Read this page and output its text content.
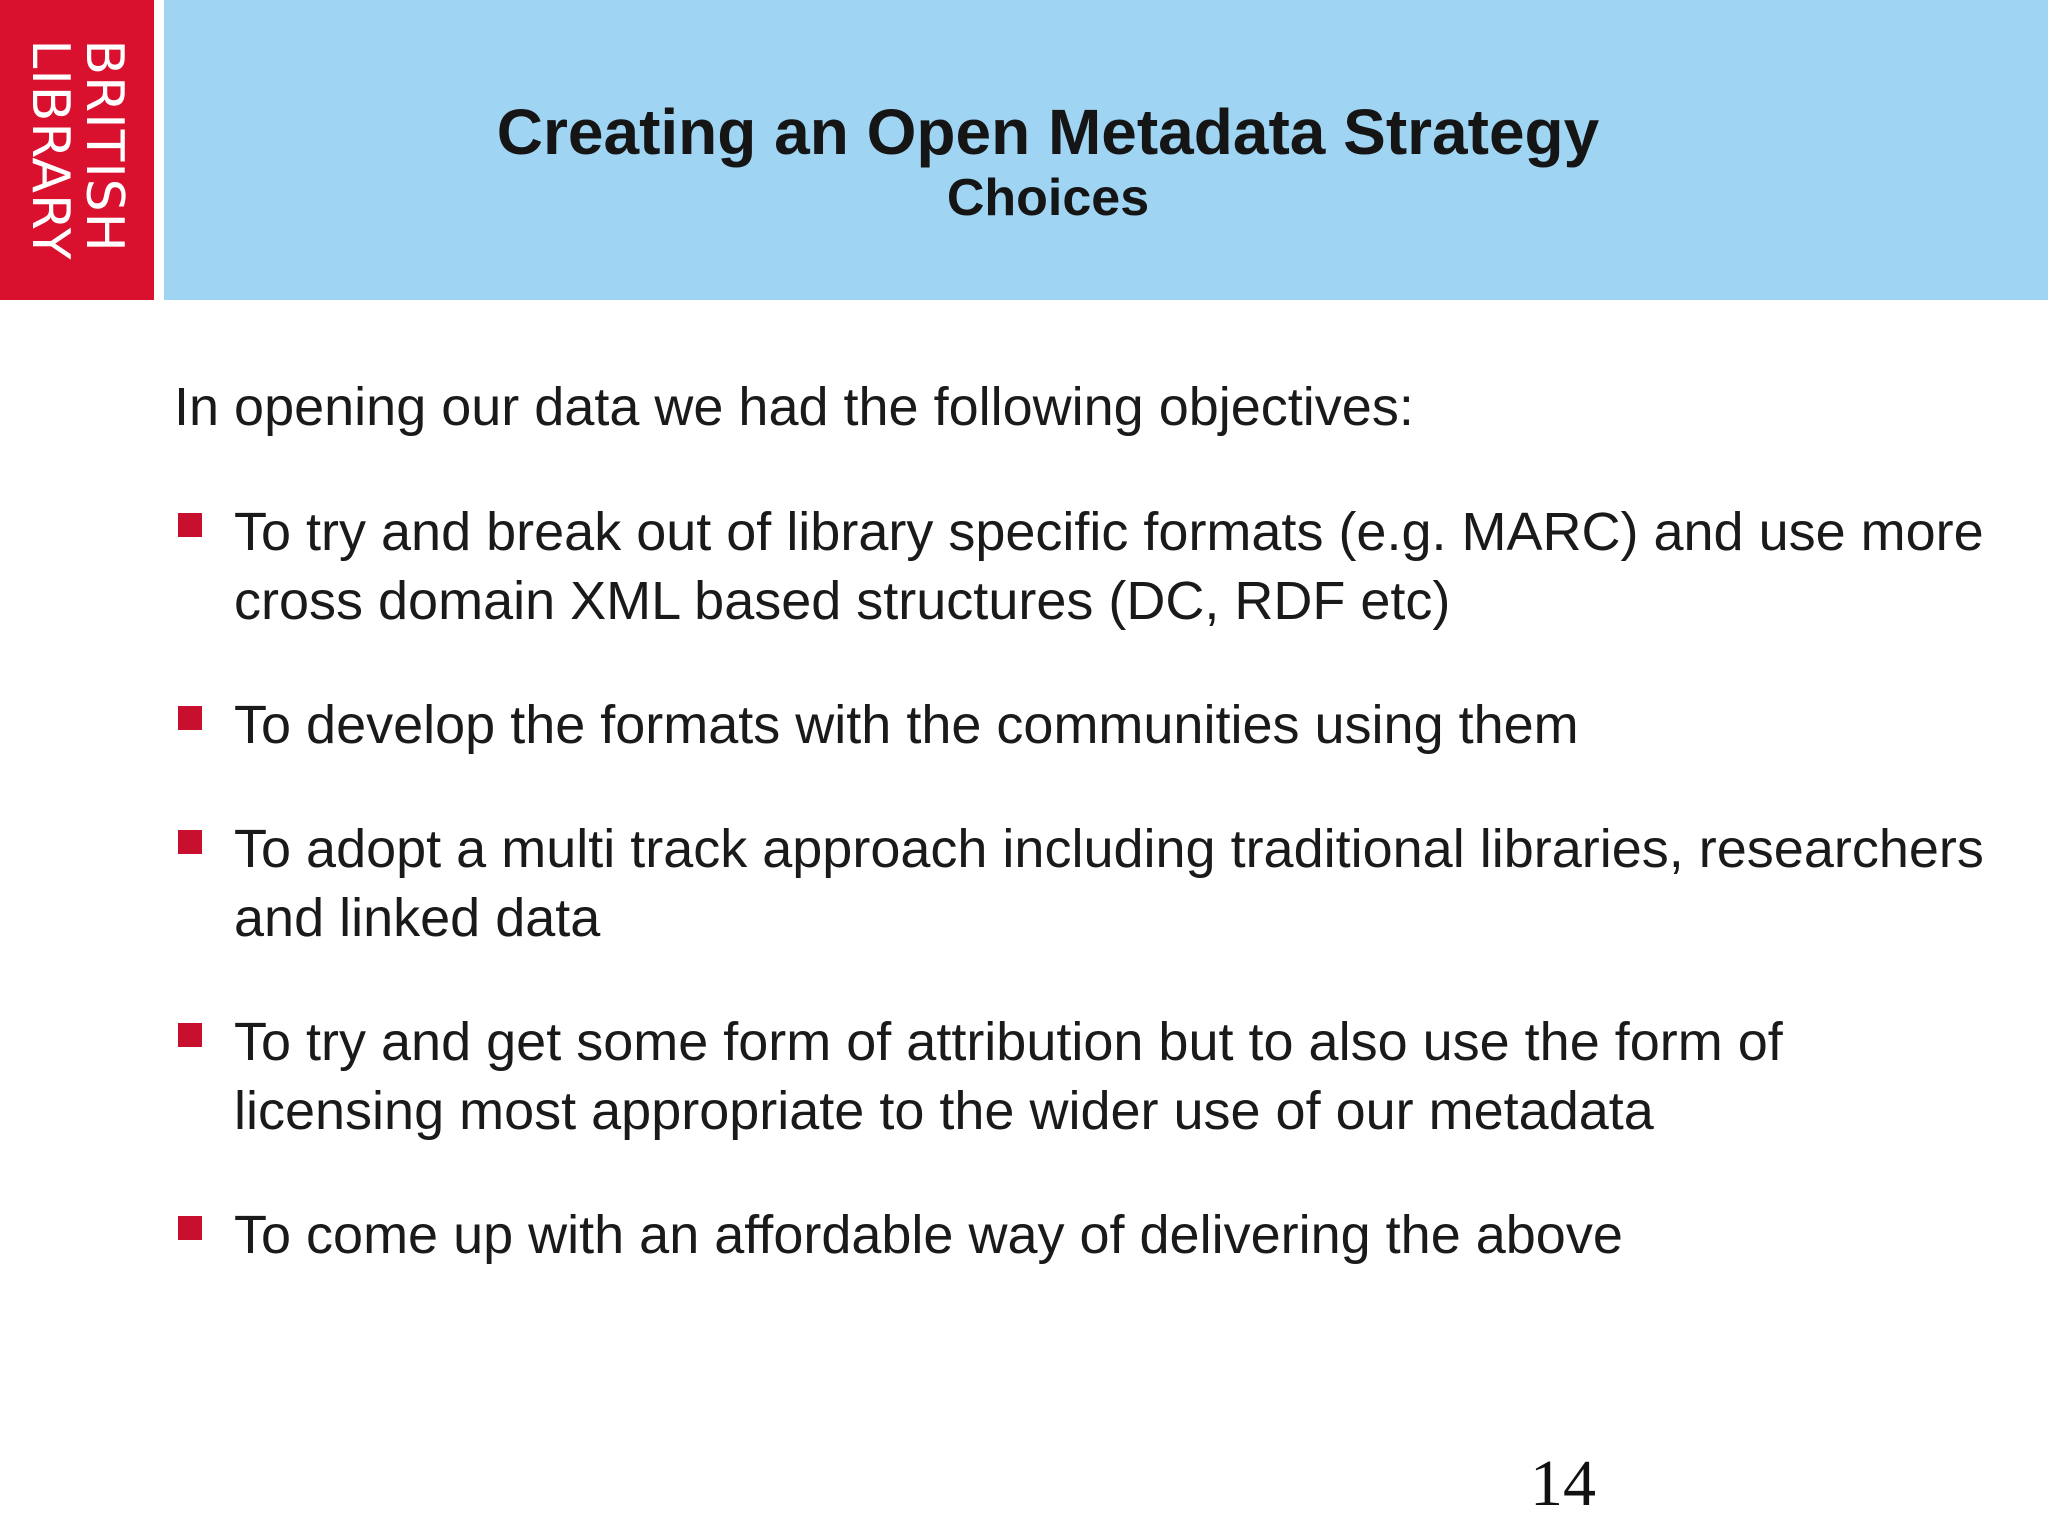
BRITISH
LIBRARY	Creating an Open Metadata Strategy
Choices
In opening our data we had the following objectives:
To try and break out of library specific formats (e.g. MARC) and use more cross domain XML based structures (DC, RDF etc)
To develop the formats with the communities using them
To adopt a multi track approach including traditional libraries, researchers and linked data
To try and get some form of attribution but to also use the form of licensing most appropriate to the wider use of our metadata
To come up with an affordable way of delivering the above
14
